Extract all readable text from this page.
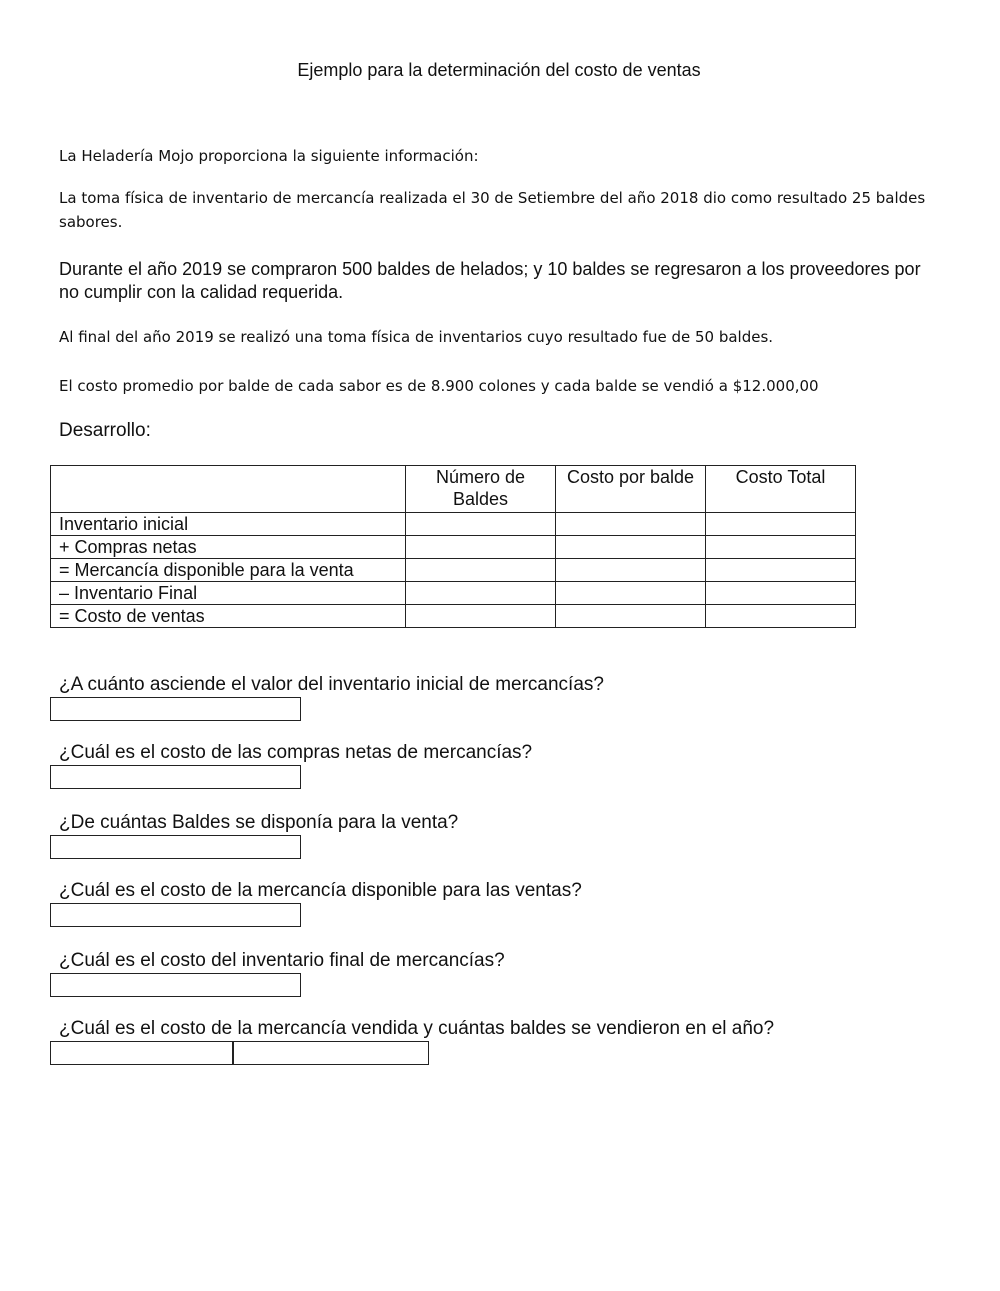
Ejemplo para la determinación del costo de ventas
La Heladería Mojo proporciona la siguiente información:
La toma física de inventario de mercancía realizada el 30 de Setiembre del año 2018 dio como resultado 25 baldes sabores.
Durante el año 2019 se compraron 500 baldes de helados; y 10 baldes se regresaron a los proveedores por no cumplir con la calidad requerida.
Al final del año 2019 se realizó una toma física de inventarios cuyo resultado fue de 50 baldes.
El costo promedio por balde de cada sabor es de 8.900 colones y cada balde se vendió a $12.000,00
Desarrollo:
	Número de Baldes	Costo por balde	Costo Total
Inventario inicial			
+ Compras netas			
= Mercancía disponible para la venta			
– Inventario Final			
= Costo de ventas			
¿A cuánto asciende el valor del inventario inicial de mercancías?
¿Cuál es el costo de las compras netas de mercancías?
¿De cuántas Baldes se disponía para la venta?
¿Cuál es el costo de la mercancía disponible para las ventas?
¿Cuál es el costo del inventario final de mercancías?
¿Cuál es el costo de la mercancía vendida y cuántas baldes se vendieron en el año?
